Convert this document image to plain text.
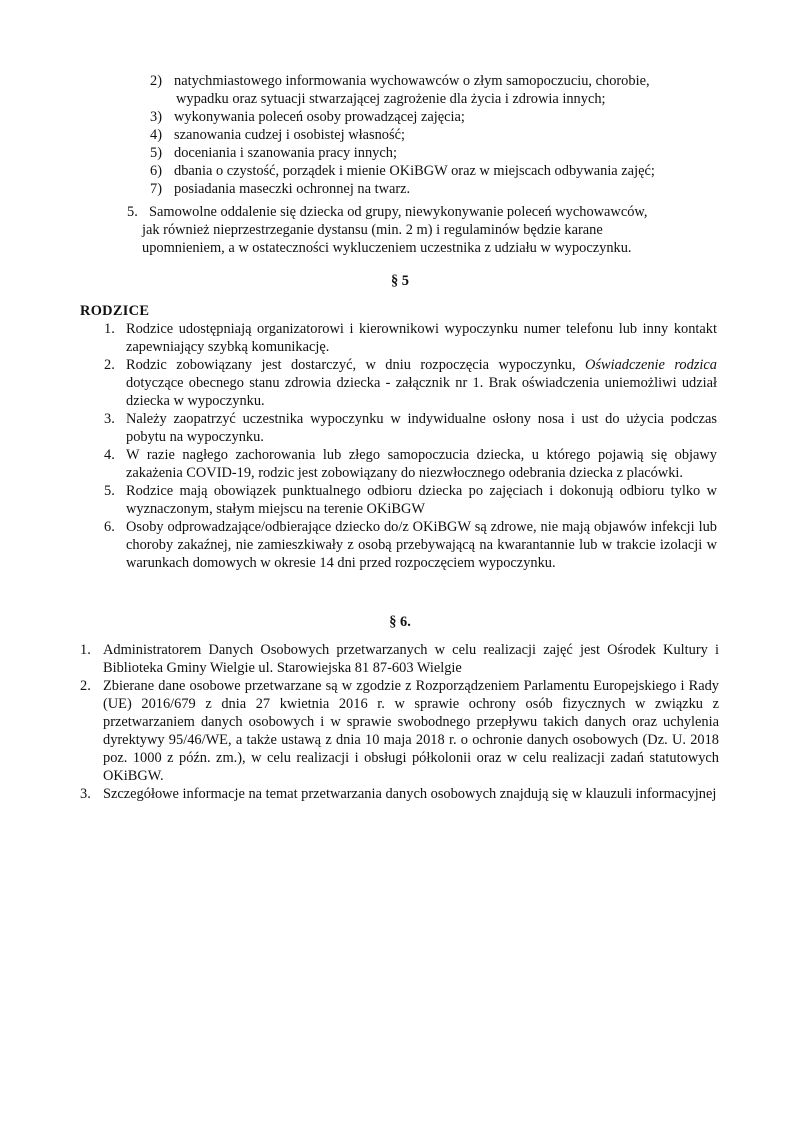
2) natychmiastowego informowania wychowawców o złym samopoczuciu, chorobie,
wypadku oraz sytuacji stwarzającej zagrożenie dla życia i zdrowia innych;
3) wykonywania poleceń osoby prowadzącej zajęcia;
4) szanowania cudzej i osobistej własność;
5) doceniania i szanowania pracy innych;
6) dbania o czystość, porządek i mienie OKiBGW oraz w miejscach odbywania zajęć;
7) posiadania maseczki ochronnej na twarz.
5. Samowolne oddalenie się dziecka od grupy, niewykonywanie poleceń wychowawców,
jak również nieprzestrzeganie dystansu (min. 2 m) i regulaminów będzie karane
upomnieniem, a w ostateczności wykluczeniem uczestnika z udziału w wypoczynku.
§ 5
RODZICE
1. Rodzice udostępniają organizatorowi i kierownikowi wypoczynku numer telefonu lub inny kontakt zapewniający szybką komunikację.
2. Rodzic zobowiązany jest dostarczyć, w dniu rozpoczęcia wypoczynku, Oświadczenie rodzica dotyczące obecnego stanu zdrowia dziecka - załącznik nr 1. Brak oświadczenia uniemożliwi udział dziecka w wypoczynku.
3. Należy zaopatrzyć uczestnika wypoczynku w indywidualne osłony nosa i ust do użycia podczas pobytu na wypoczynku.
4. W razie nagłego zachorowania lub złego samopoczucia dziecka, u którego pojawią się objawy zakażenia COVID-19, rodzic jest zobowiązany do niezwłocznego odebrania dziecka z placówki.
5. Rodzice mają obowiązek punktualnego odbioru dziecka po zajęciach i dokonują odbioru tylko w wyznaczonym, stałym miejscu na terenie OKiBGW
6. Osoby odprowadzające/odbierające dziecko do/z OKiBGW są zdrowe, nie mają objawów infekcji lub choroby zakaźnej, nie zamieszkiwały z osobą przebywającą na kwarantannie lub w trakcie izolacji w warunkach domowych w okresie 14 dni przed rozpoczęciem wypoczynku.
§ 6.
1. Administratorem Danych Osobowych przetwarzanych w celu realizacji zajęć jest Ośrodek Kultury i Biblioteka Gminy Wielgie ul. Starowiejska 81 87-603 Wielgie
2. Zbierane dane osobowe przetwarzane są w zgodzie z Rozporządzeniem Parlamentu Europejskiego i Rady (UE) 2016/679 z dnia 27 kwietnia 2016 r. w sprawie ochrony osób fizycznych w związku z przetwarzaniem danych osobowych i w sprawie swobodnego przepływu takich danych oraz uchylenia dyrektywy 95/46/WE, a także ustawą z dnia 10 maja 2018 r. o ochronie danych osobowych (Dz. U. 2018 poz. 1000 z późn. zm.), w celu realizacji i obsługi półkolonii oraz w celu realizacji zadań statutowych OKiBGW.
3. Szczegółowe informacje na temat przetwarzania danych osobowych znajdują się w klauzuli informacyjnej
